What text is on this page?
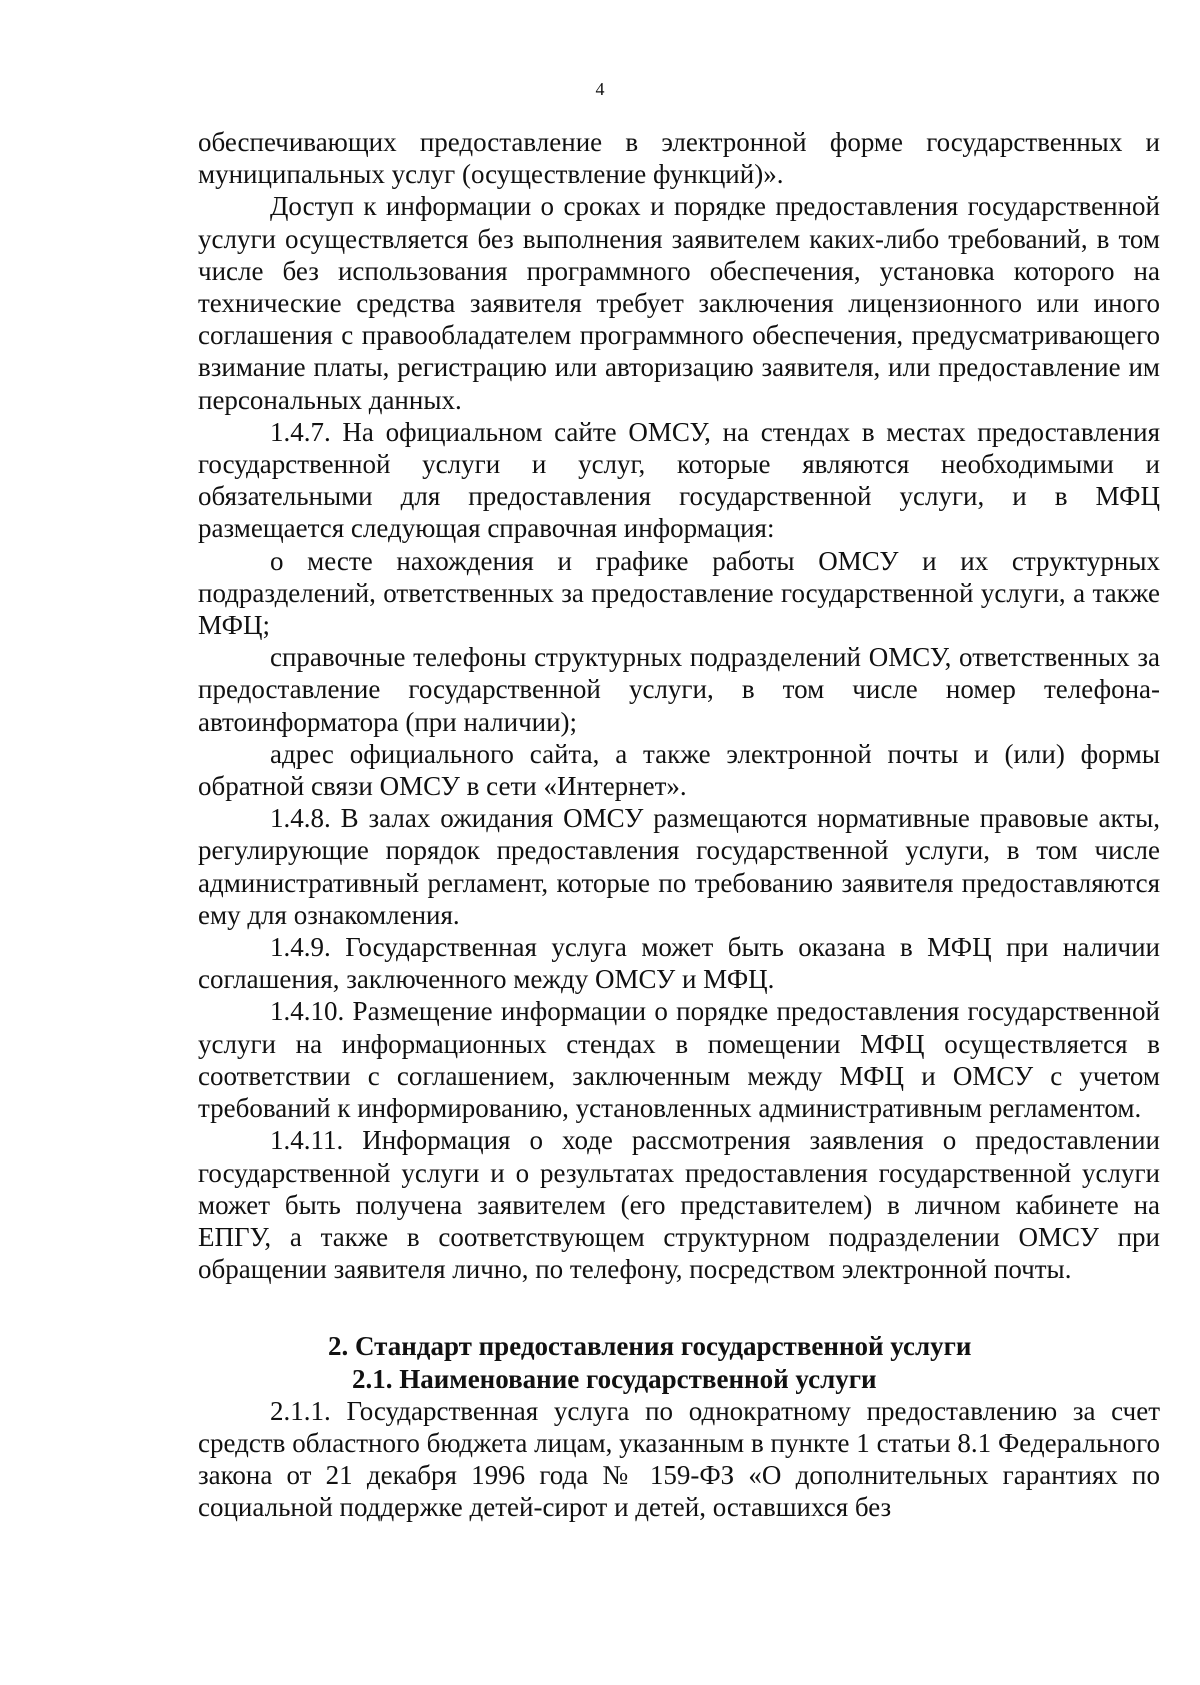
4

обеспечивающих предоставление в электронной форме государственных и муниципальных услуг (осуществление функций)».

Доступ к информации о сроках и порядке предоставления государственной услуги осуществляется без выполнения заявителем каких-либо требований, в том числе без использования программного обеспечения, установка которого на технические средства заявителя требует заключения лицензионного или иного соглашения с правообладателем программного обеспечения, предусматривающего взимание платы, регистрацию или авторизацию заявителя, или предоставление им персональных данных.

1.4.7. На официальном сайте ОМСУ, на стендах в местах предоставления государственной услуги и услуг, которые являются необходимыми и обязательными для предоставления государственной услуги, и в МФЦ размещается следующая справочная информация:

о месте нахождения и графике работы ОМСУ и их структурных подразделений, ответственных за предоставление государственной услуги, а также МФЦ;

справочные телефоны структурных подразделений ОМСУ, ответственных за предоставление государственной услуги, в том числе номер телефона-автоинформатора (при наличии);

адрес официального сайта, а также электронной почты и (или) формы обратной связи ОМСУ в сети «Интернет».

1.4.8. В залах ожидания ОМСУ размещаются нормативные правовые акты, регулирующие порядок предоставления государственной услуги, в том числе административный регламент, которые по требованию заявителя предоставляются ему для ознакомления.

1.4.9. Государственная услуга может быть оказана в МФЦ при наличии соглашения, заключенного между ОМСУ и МФЦ.

1.4.10. Размещение информации о порядке предоставления государственной услуги на информационных стендах в помещении МФЦ осуществляется в соответствии с соглашением, заключенным между МФЦ и ОМСУ с учетом требований к информированию, установленных административным регламентом.

1.4.11. Информация о ходе рассмотрения заявления о предоставлении государственной услуги и о результатах предоставления государственной услуги может быть получена заявителем (его представителем) в личном кабинете на ЕПГУ, а также в соответствующем структурном подразделении ОМСУ при обращении заявителя лично, по телефону, посредством электронной почты.

2. Стандарт предоставления государственной услуги

2.1. Наименование государственной услуги

2.1.1. Государственная услуга по однократному предоставлению за счет средств областного бюджета лицам, указанным в пункте 1 статьи 8.1 Федерального закона от 21 декабря 1996 года № 159-ФЗ «О дополнительных гарантиях по социальной поддержке детей-сирот и детей, оставшихся без
